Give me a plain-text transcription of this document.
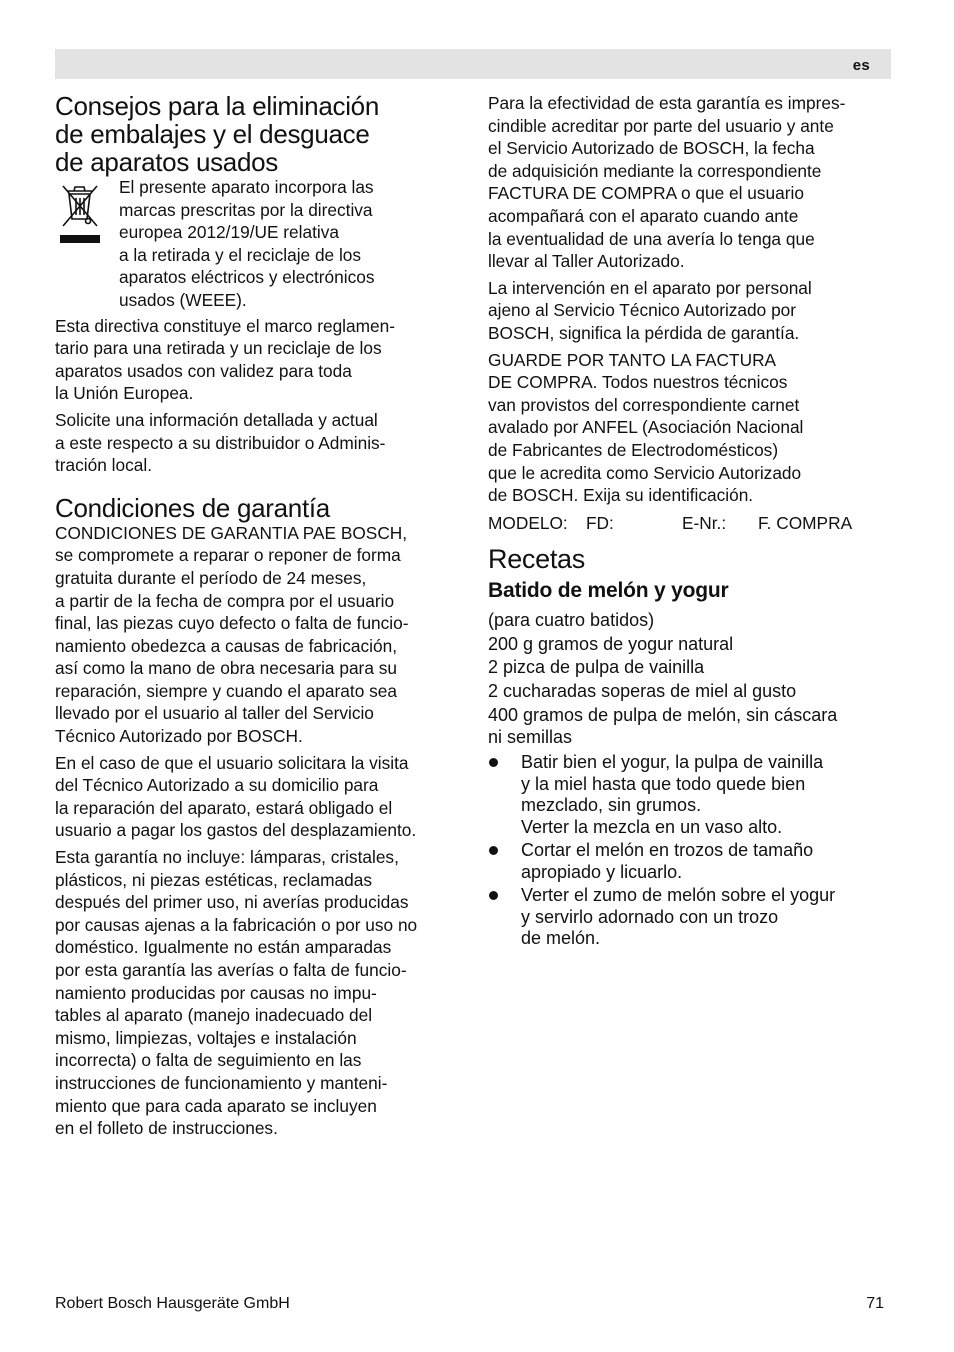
es
Consejos para la eliminación
de embalajes y el desguace
de aparatos usados

El presente aparato incorpora las
marcas prescritas por la directiva
europea 2012/19/UE relativa
a la retirada y el reciclaje de los
aparatos eléctricos y electrónicos
usados (WEEE).

Esta directiva constituye el marco reglamen-
tario para una retirada y un reciclaje de los
aparatos usados con validez para toda
la Unión Europea.

Solicite una información detallada y actual
a este respecto a su distribuidor o Adminis-
tración local.

Condiciones de garantía

CONDICIONES DE GARANTIA PAE BOSCH,
se compromete a reparar o reponer de forma
gratuita durante el período de 24 meses,
a partir de la fecha de compra por el usuario
final, las piezas cuyo defecto o falta de funcio-
namiento obedezca a causas de fabricación,
así como la mano de obra necesaria para su
reparación, siempre y cuando el aparato sea
llevado por el usuario al taller del Servicio
Técnico Autorizado por BOSCH.

En el caso de que el usuario solicitara la visita
del Técnico Autorizado a su domicilio para
la reparación del aparato, estará obligado el
usuario a pagar los gastos del desplazamiento.

Esta garantía no incluye: lámparas, cristales,
plásticos, ni piezas estéticas, reclamadas
después del primer uso, ni averías producidas
por causas ajenas a la fabricación o por uso no
doméstico. Igualmente no están amparadas
por esta garantía las averías o falta de funcio-
namiento producidas por causas no impu-
tables al aparato (manejo inadecuado del
mismo, limpiezas, voltajes e instalación
incorrecta) o falta de seguimiento en las
instrucciones de funcionamiento y manteni-
miento que para cada aparato se incluyen
en el folleto de instrucciones.

Para la efectividad de esta garantía es impres-
cindible acreditar por parte del usuario y ante
el Servicio Autorizado de BOSCH, la fecha
de adquisición mediante la correspondiente
FACTURA DE COMPRA o que el usuario
acompañará con el aparato cuando ante
la eventualidad de una avería lo tenga que
llevar al Taller Autorizado.

La intervención en el aparato por personal
ajeno al Servicio Técnico Autorizado por
BOSCH, significa la pérdida de garantía.

GUARDE POR TANTO LA FACTURA
DE COMPRA. Todos nuestros técnicos
van provistos del correspondiente carnet
avalado por ANFEL (Asociación Nacional
de Fabricantes de Electrodomésticos)
que le acredita como Servicio Autorizado
de BOSCH. Exija su identificación.

MODELO:	FD:	E-Nr.:	F. COMPRA
Recetas
Batido de melón y yogur

(para cuatro batidos)

200 g gramos de yogur natural

2 pizca de pulpa de vainilla

2 cucharadas soperas de miel al gusto

400 gramos de pulpa de melón, sin cáscara
ni semillas

Batir bien el yogur, la pulpa de vainilla
y la miel hasta que todo quede bien
mezclado, sin grumos.
Verter la mezcla en un vaso alto.
Cortar el melón en trozos de tamaño
apropiado y licuarlo.
Verter el zumo de melón sobre el yogur
y servirlo adornado con un trozo
de melón.
Robert Bosch Hausgeräte GmbH	71
